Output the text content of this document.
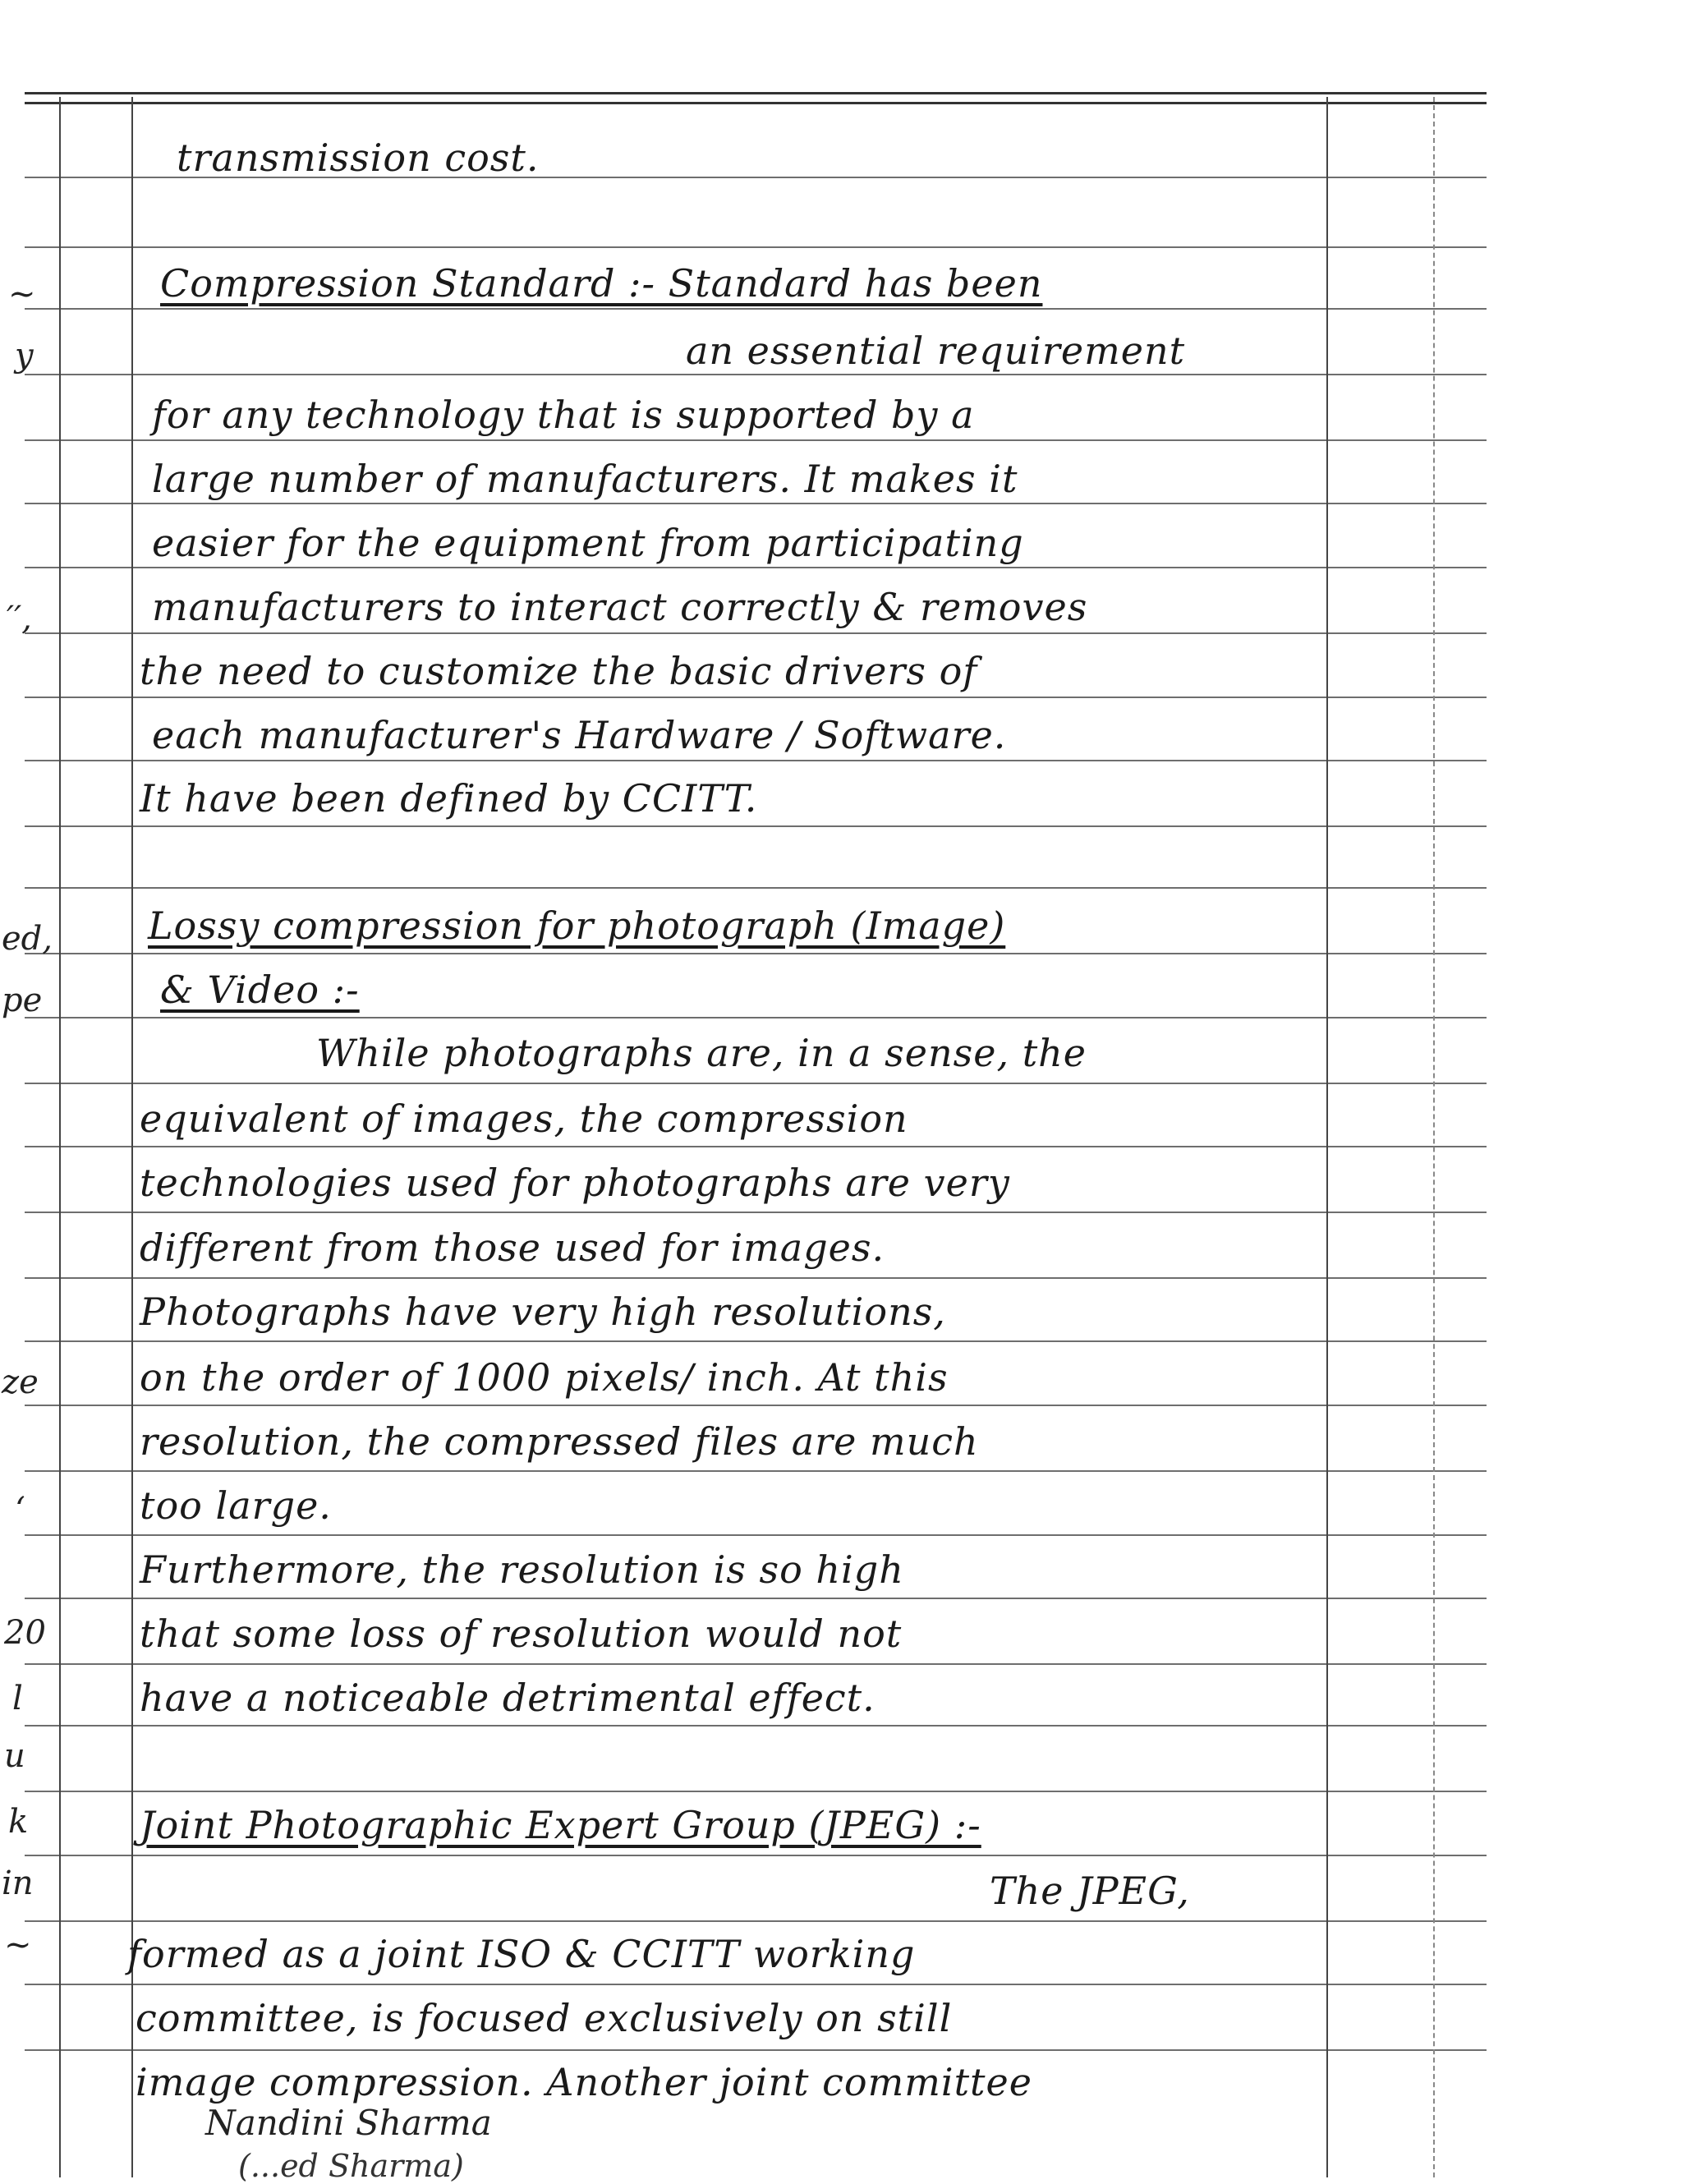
~
y
′′,
ed,
pe
ze
‘
20
l
u
k
in
~
transmission cost.
Compression Standard :- Standard has been
an essential requirement
for any technology that is supported by a
large number of manufacturers. It makes it
easier for the equipment from participating
manufacturers to interact correctly & removes
the need to customize the basic drivers of
each manufacturer's Hardware / Software.
It have been defined by CCITT.
Lossy compression for photograph (Image)
& Video :-
While photographs are, in a sense, the
equivalent of images, the compression
technologies used for photographs are very
different from those used for images.
Photographs have very high resolutions,
on the order of 1000 pixels/ inch. At this
resolution, the compressed files are much
too large.
Furthermore, the resolution is so high
that some loss of resolution would not
have a noticeable detrimental effect.
Joint Photographic Expert Group (JPEG) :-
The JPEG,
formed as a joint ISO & CCITT working
committee, is focused exclusively on still
image compression. Another joint committee
Nandini Sharma
(...ed Sharma)
